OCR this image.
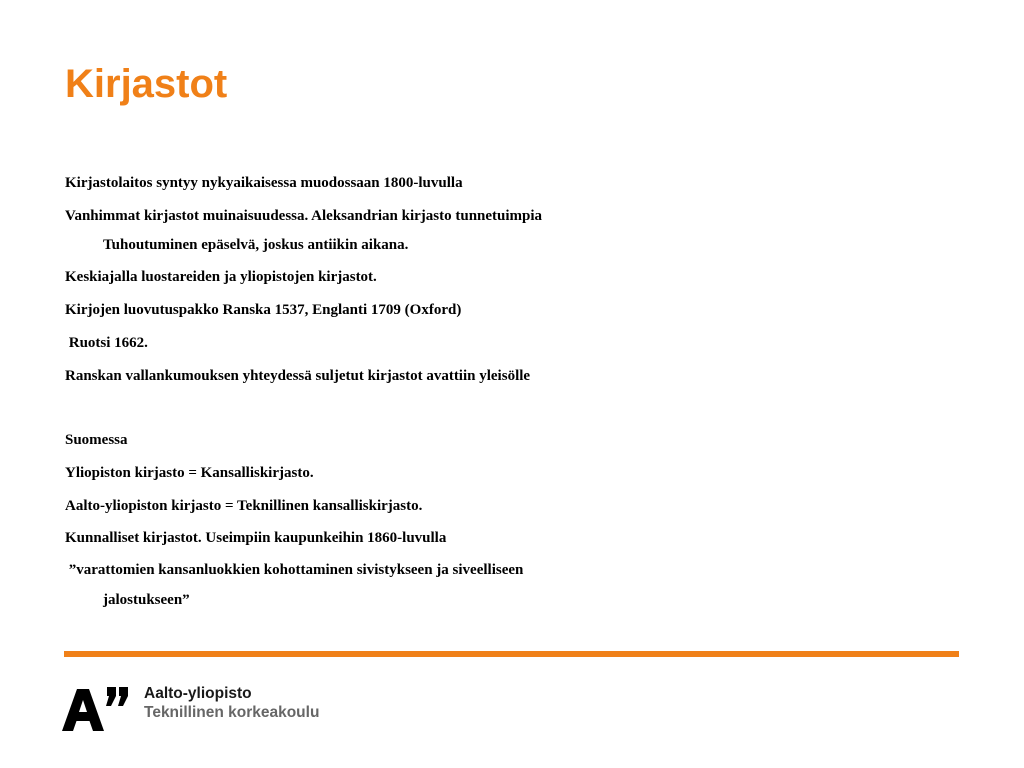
Kirjastot
Kirjastolaitos syntyy nykyaikaisessa muodossaan 1800-luvulla
Vanhimmat kirjastot muinaisuudessa. Aleksandrian kirjasto tunnetuimpia
Tuhoutuminen epäselvä, joskus antiikin aikana.
Keskiajalla luostareiden ja yliopistojen kirjastot.
Kirjojen luovutuspakko Ranska 1537, Englanti 1709 (Oxford)
Ruotsi 1662.
Ranskan vallankumouksen yhteydessä suljetut kirjastot avattiin yleisölle
Suomessa
Yliopiston kirjasto = Kansalliskirjasto.
Aalto-yliopiston kirjasto = Teknillinen kansalliskirjasto.
Kunnalliset kirjastot. Useimpiin kaupunkeihin 1860-luvulla
”varattomien kansanluokkien kohottaminen sivistykseen ja siveelliseen
jalostukseen”
Aalto-yliopisto
Teknillinen korkeakoulu
